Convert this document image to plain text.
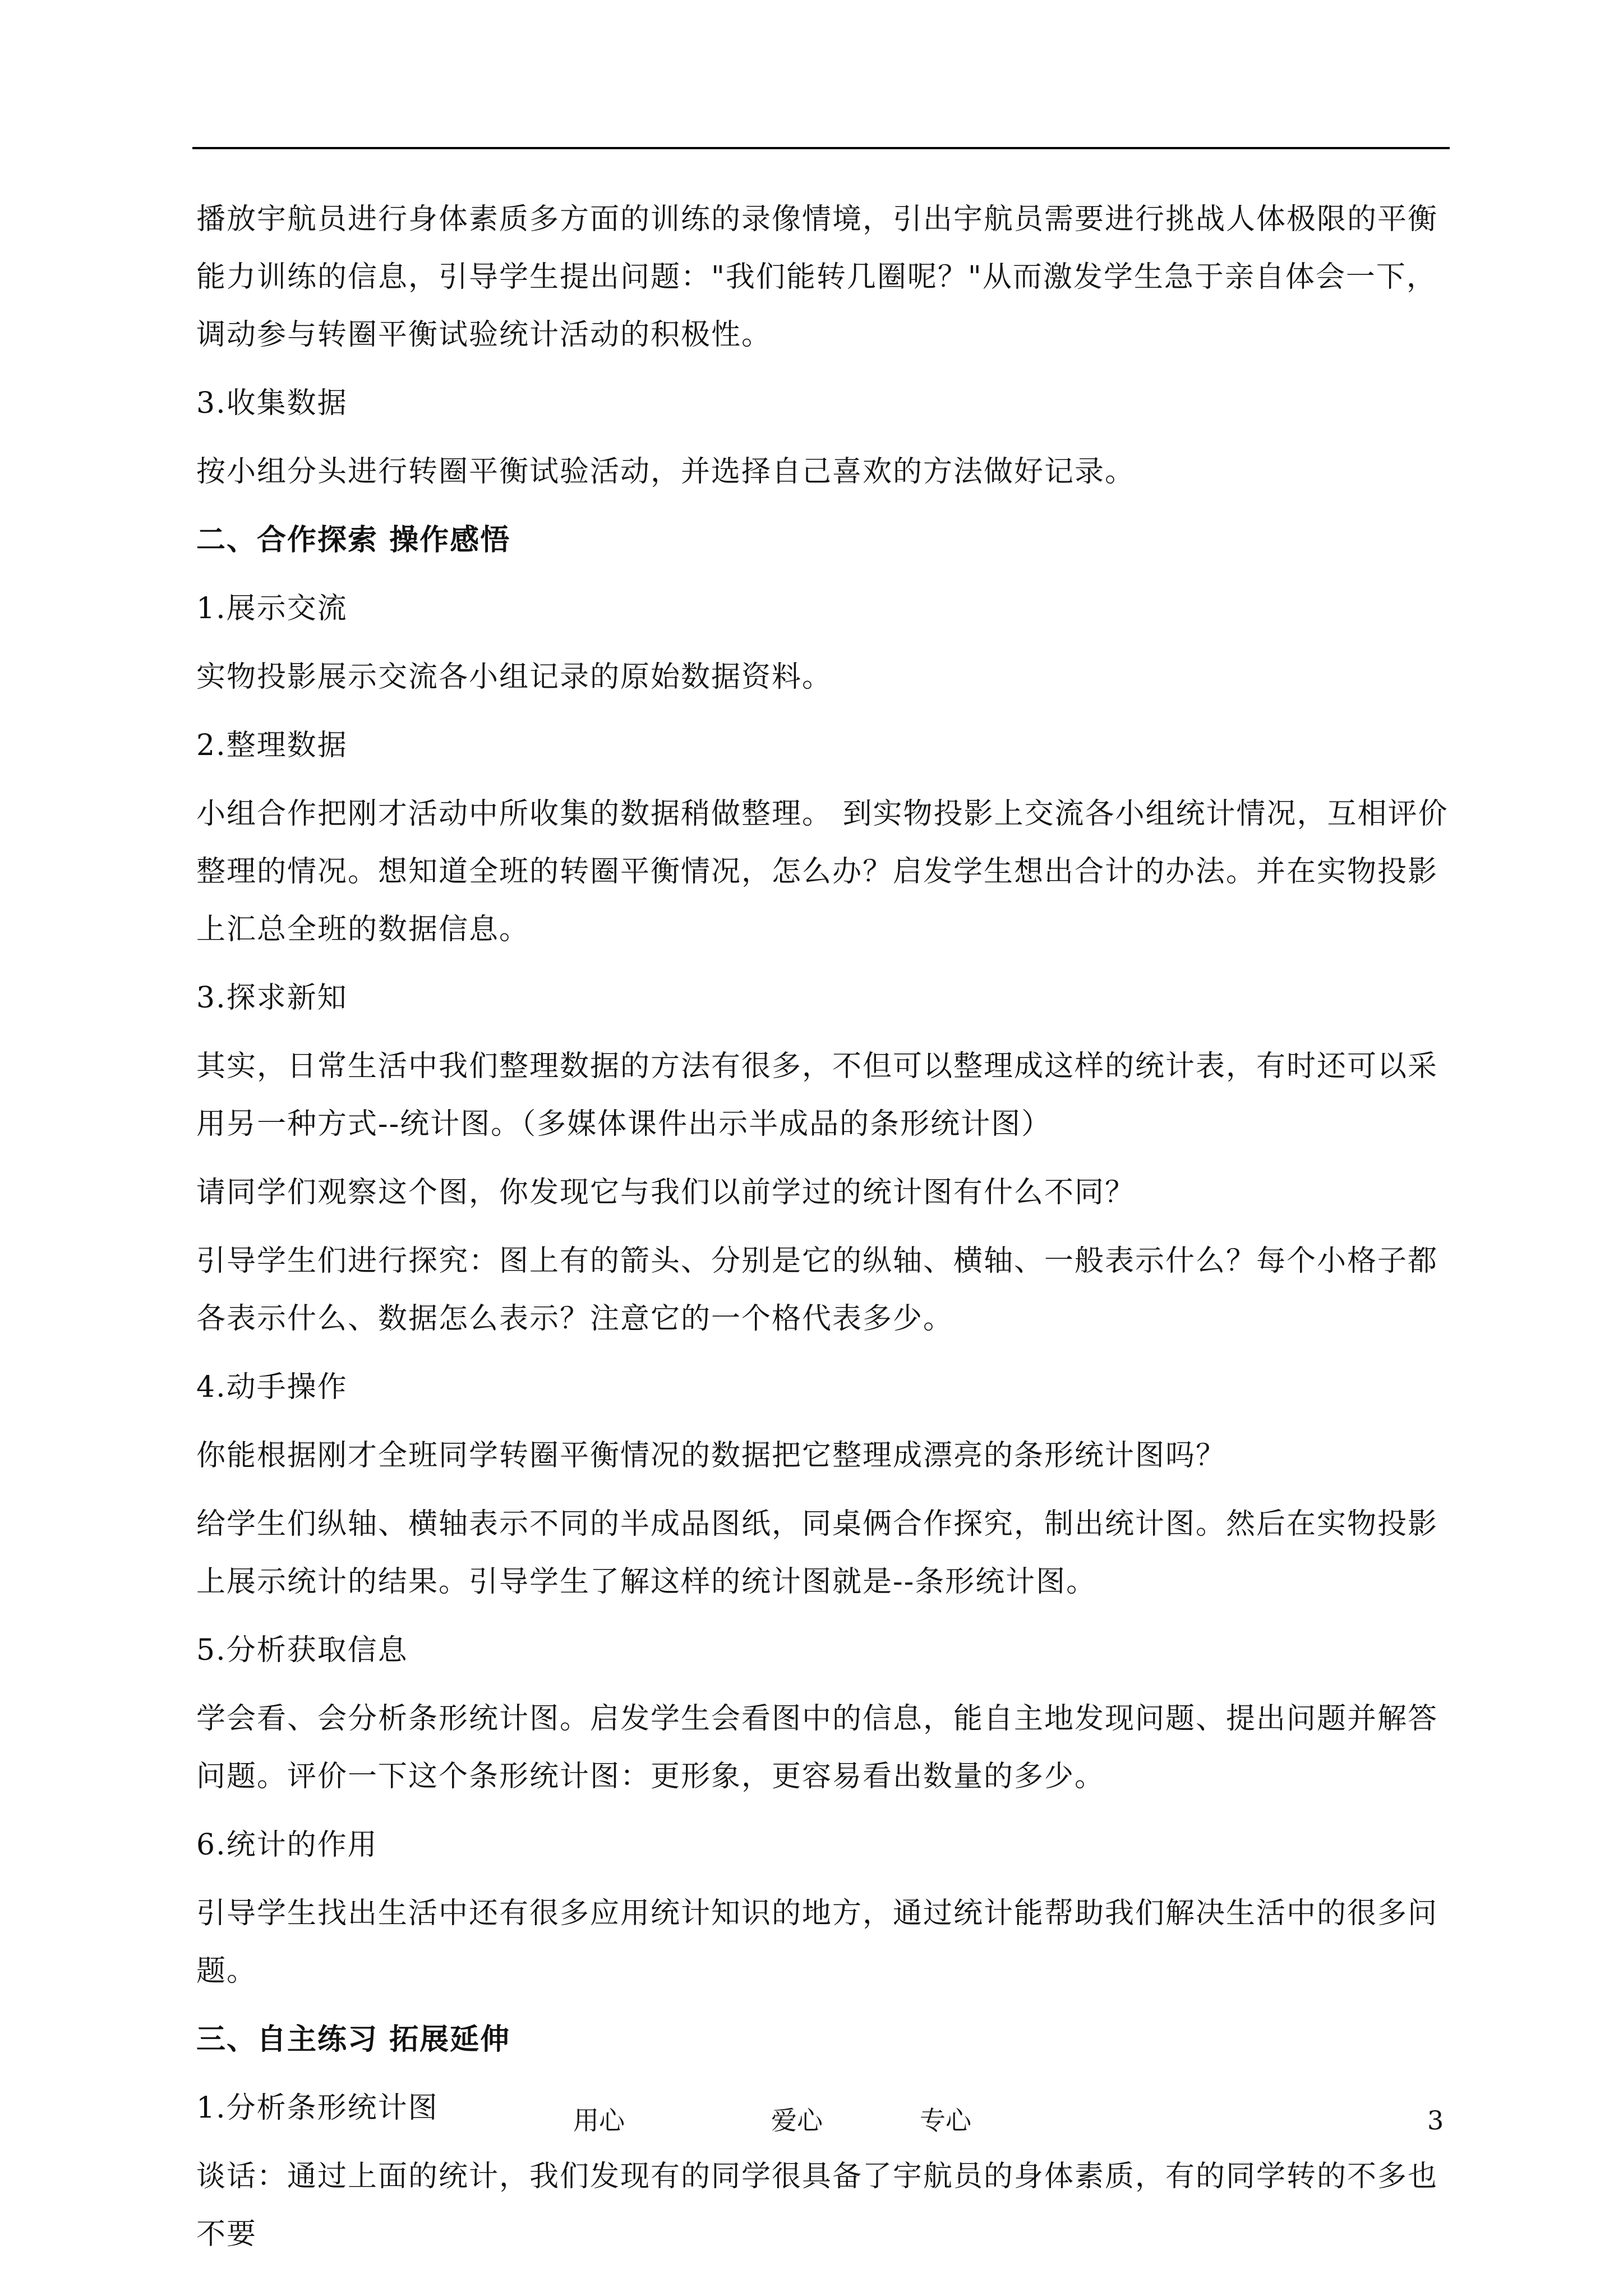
播放宇航员进行身体素质多方面的训练的录像情境，引出宇航员需要进行挑战人体极限的平衡能力训练的信息，引导学生提出问题："我们能转几圈呢？"从而激发学生急于亲自体会一下，调动参与转圈平衡试验统计活动的积极性。

3.收集数据

按小组分头进行转圈平衡试验活动，并选择自己喜欢的方法做好记录。

二、合作探索 操作感悟

1.展示交流

实物投影展示交流各小组记录的原始数据资料。

2.整理数据

小组合作把刚才活动中所收集的数据稍做整理。 到实物投影上交流各小组统计情况，互相评价整理的情况。想知道全班的转圈平衡情况，怎么办？启发学生想出合计的办法。并在实物投影上汇总全班的数据信息。

3.探求新知

其实，日常生活中我们整理数据的方法有很多，不但可以整理成这样的统计表，有时还可以采用另一种方式--统计图。（多媒体课件出示半成品的条形统计图）

请同学们观察这个图，你发现它与我们以前学过的统计图有什么不同？

引导学生们进行探究：图上有的箭头、分别是它的纵轴、横轴、一般表示什么？每个小格子都各表示什么、数据怎么表示？注意它的一个格代表多少。

4.动手操作

你能根据刚才全班同学转圈平衡情况的数据把它整理成漂亮的条形统计图吗？

给学生们纵轴、横轴表示不同的半成品图纸，同桌俩合作探究，制出统计图。然后在实物投影上展示统计的结果。引导学生了解这样的统计图就是--条形统计图。

5.分析获取信息

学会看、会分析条形统计图。启发学生会看图中的信息，能自主地发现问题、提出问题并解答问题。评价一下这个条形统计图：更形象，更容易看出数量的多少。

6.统计的作用

引导学生找出生活中还有很多应用统计知识的地方，通过统计能帮助我们解决生活中的很多问题。

三、自主练习 拓展延伸

1.分析条形统计图

谈话：通过上面的统计，我们发现有的同学很具备了宇航员的身体素质，有的同学转的不多也不要

用心	爱心	专心	3
